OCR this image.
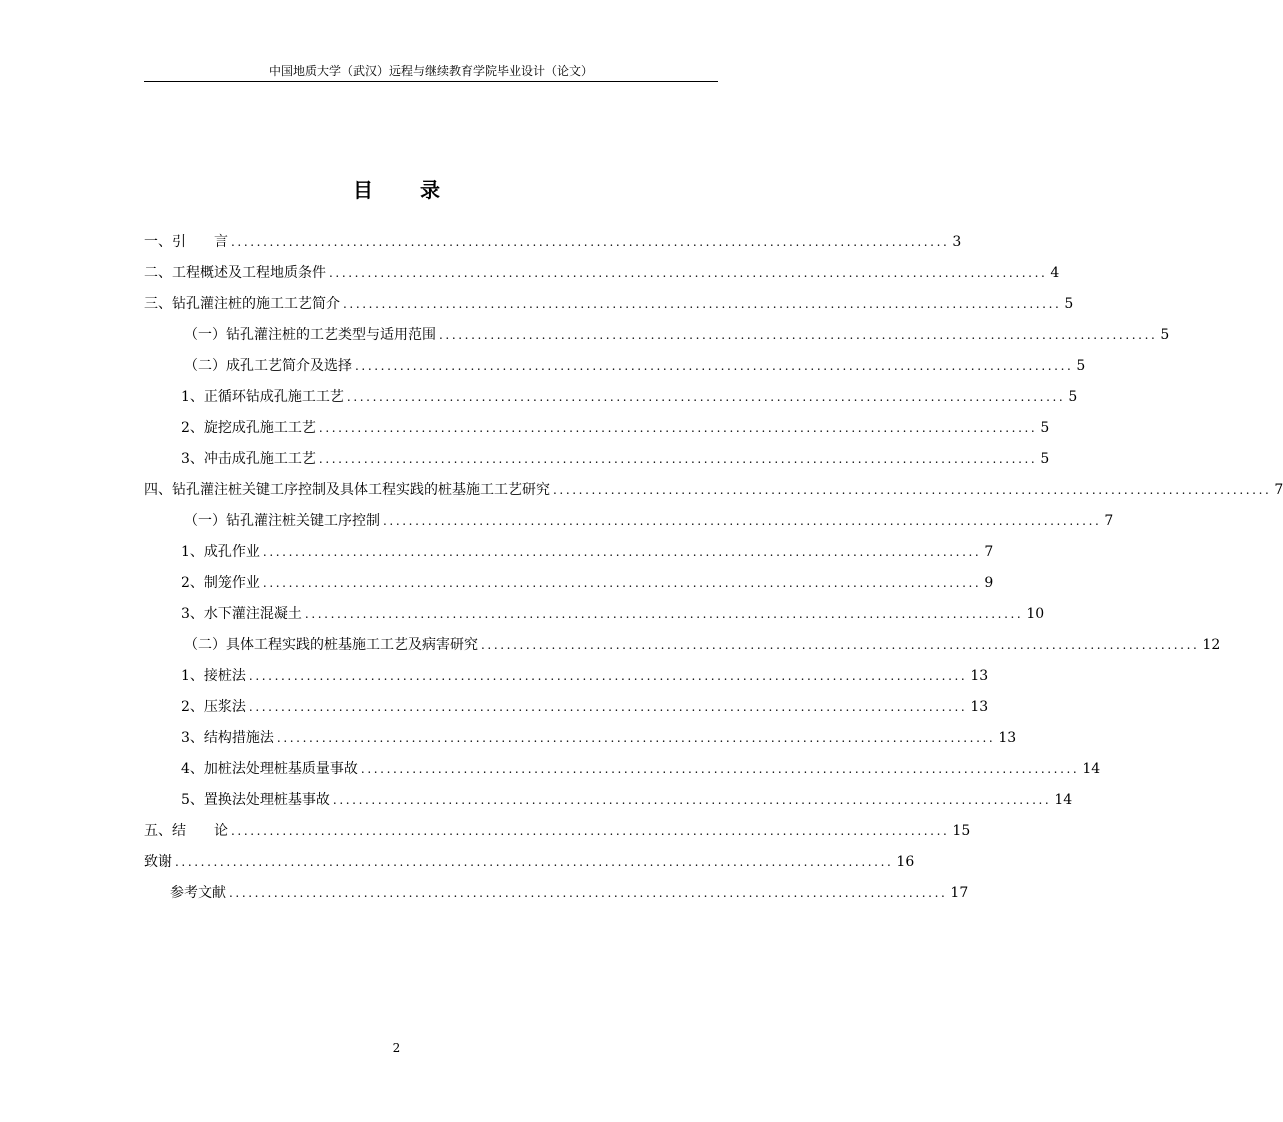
中国地质大学（武汉）远程与继续教育学院毕业设计（论文）
目 录
一、引　　言 ................................................................................................................ 3
二、工程概述及工程地质条件 ................................................................................................................ 4
三、钻孔灌注桩的施工工艺简介 ................................................................................................................ 5
（一）钻孔灌注桩的工艺类型与适用范围 ................................................................................................................ 5
（二）成孔工艺简介及选择 ................................................................................................................ 5
1、正循环钻成孔施工工艺 ................................................................................................................ 5
2、旋挖成孔施工工艺 ................................................................................................................ 5
3、冲击成孔施工工艺 ................................................................................................................ 5
四、钻孔灌注桩关键工序控制及具体工程实践的桩基施工工艺研究 ................................................................................................................ 7
（一）钻孔灌注桩关键工序控制 ................................................................................................................ 7
1、成孔作业 ................................................................................................................ 7
2、制笼作业 ................................................................................................................ 9
3、水下灌注混凝土 ................................................................................................................ 10
（二）具体工程实践的桩基施工工艺及病害研究 ................................................................................................................ 12
1、接桩法 ................................................................................................................ 13
2、压浆法 ................................................................................................................ 13
3、结构措施法 ................................................................................................................ 13
4、加桩法处理桩基质量事故 ................................................................................................................ 14
5、置换法处理桩基事故 ................................................................................................................ 14
五、结　　论 ................................................................................................................ 15
致谢 ................................................................................................................ 16
参考文献 ................................................................................................................ 17
2
